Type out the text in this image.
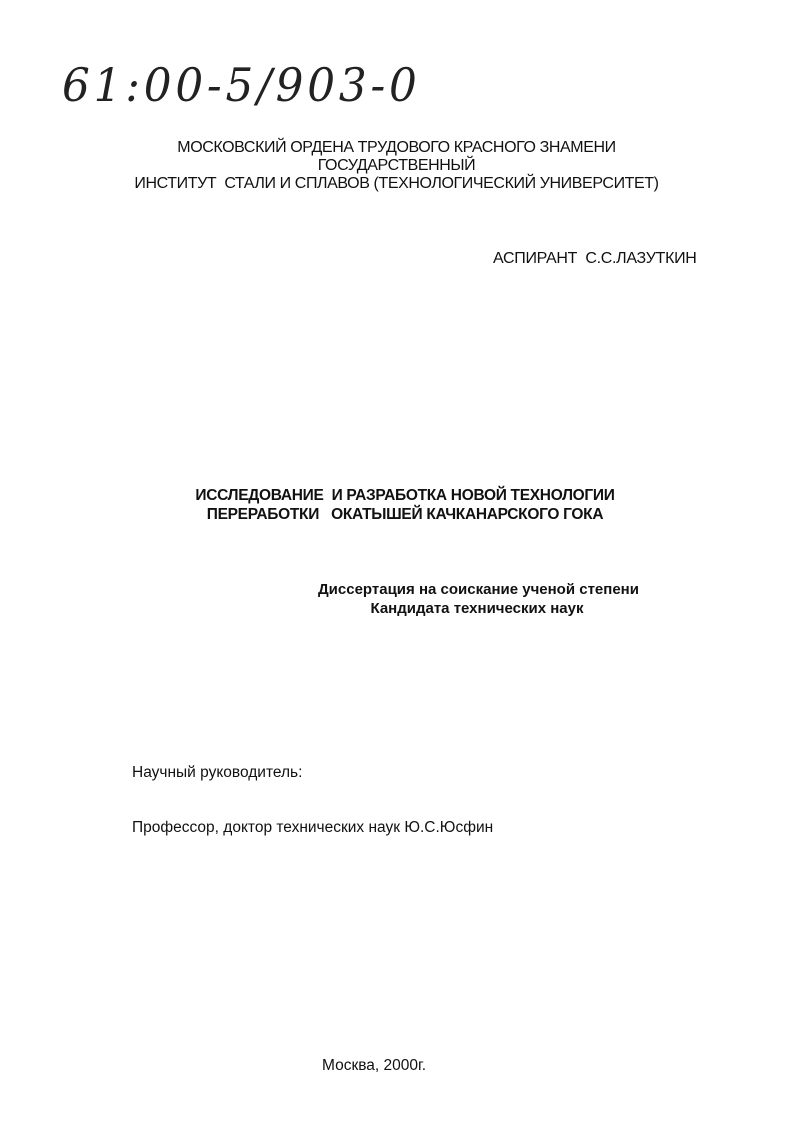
61:00-5/903-0
МОСКОВСКИЙ ОРДЕНА ТРУДОВОГО КРАСНОГО ЗНАМЕНИ
ГОСУДАРСТВЕННЫЙ
ИНСТИТУТ  СТАЛИ И СПЛАВОВ (ТЕХНОЛОГИЧЕСКИЙ УНИВЕРСИТЕТ)
АСПИРАНТ  С.С.ЛАЗУТКИН
ИССЛЕДОВАНИЕ  И РАЗРАБОТКА НОВОЙ ТЕХНОЛОГИИ
ПЕРЕРАБОТКИ   ОКАТЫШЕЙ КАЧКАНАРСКОГО ГОКА
Диссертация на соискание ученой степени
Кандидата технических наук
Научный руководитель:
Профессор, доктор технических наук Ю.С.Юсфин
Москва, 2000г.
